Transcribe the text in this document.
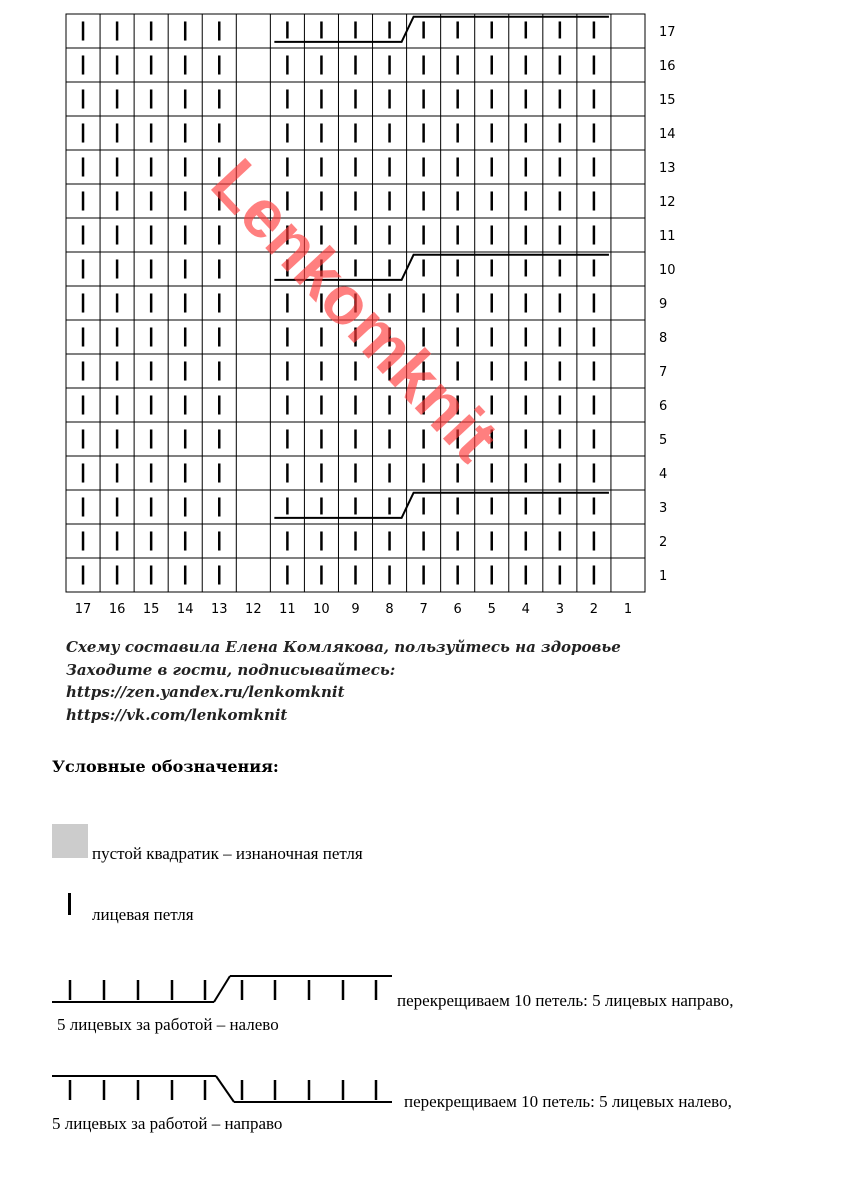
1
2
3
4
5
6
7
8
9
10
11
12
13
14
15
16
17
1
2
3
4
5
6
7
8
9
10
11
12
13
14
15
16
17
Lenkomknit
Схему составила Елена Комлякова, пользуйтесь на здоровье
Заходите в гости, подписывайтесь:
https://zen.yandex.ru/lenkomknit
https://vk.com/lenkomknit
Условные обозначения:
пустой квадратик – изнаночная петля
лицевая петля
перекрещиваем 10 петель: 5 лицевых направо,
5 лицевых за работой – налево
перекрещиваем 10 петель: 5 лицевых налево,
5 лицевых за работой – направо
